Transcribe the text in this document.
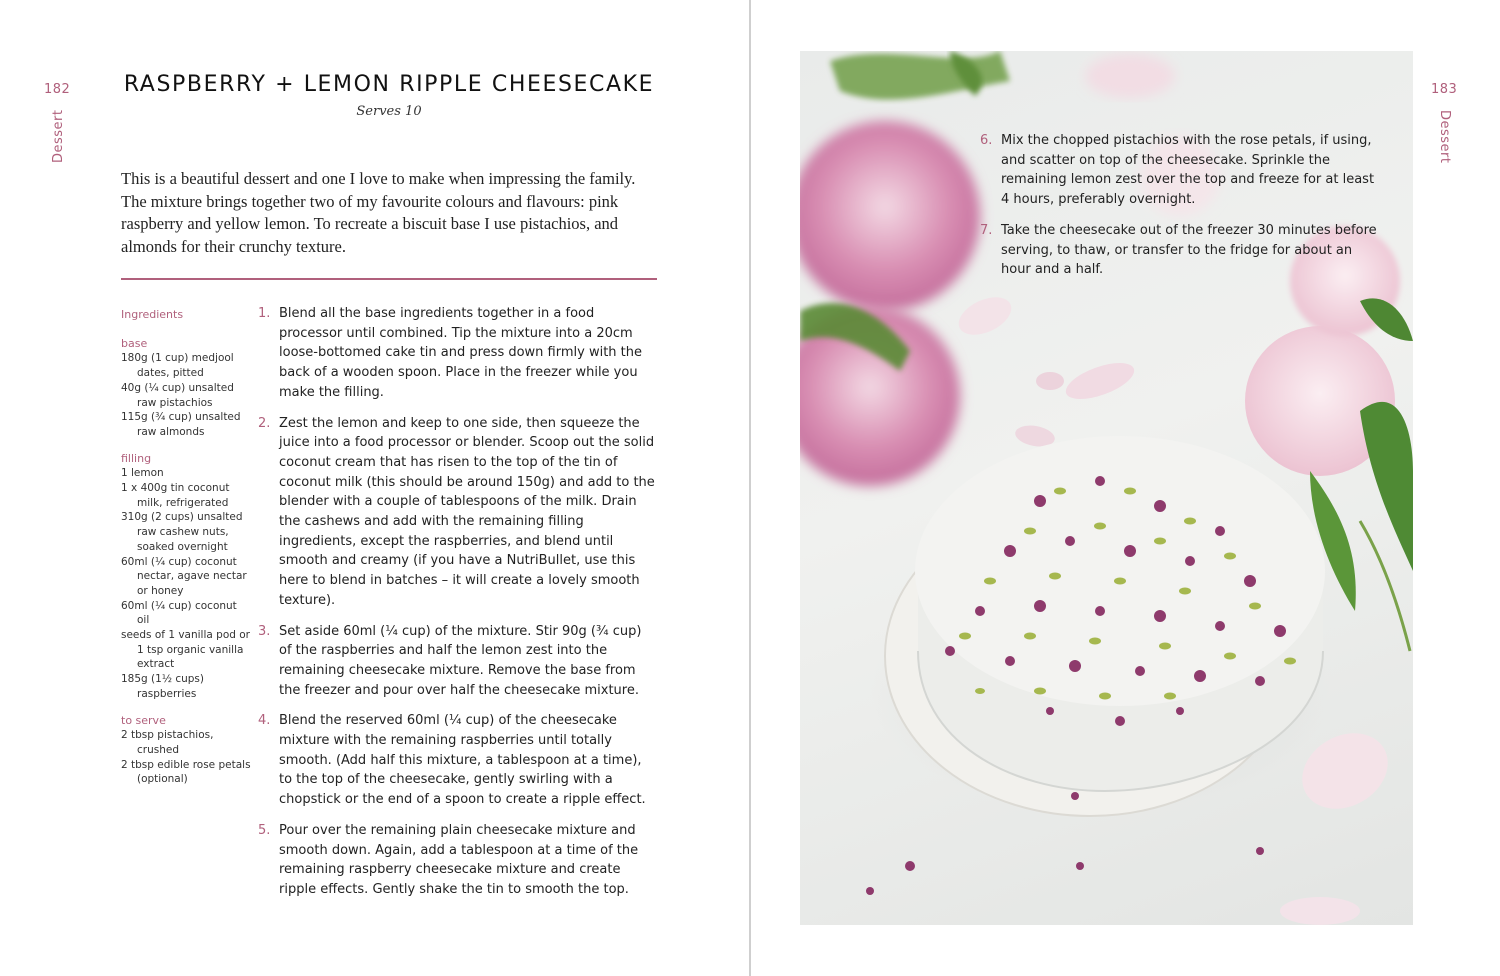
182
Dessert
RASPBERRY + LEMON RIPPLE CHEESECAKE
Serves 10

This is a beautiful dessert and one I love to make when impressing the family. The mixture brings together two of my favourite colours and flavours: pink raspberry and yellow lemon. To recreate a biscuit base I use pistachios, and almonds for their crunchy texture.

Ingredients
base
180g (1 cup) medjool dates, pitted
40g (¼ cup) unsalted raw pistachios
115g (¾ cup) unsalted raw almonds
filling
1 lemon
1 x 400g tin coconut milk, refrigerated
310g (2 cups) unsalted raw cashew nuts, soaked overnight
60ml (¼ cup) coconut nectar, agave nectar or honey
60ml (¼ cup) coconut oil
seeds of 1 vanilla pod or 1 tsp organic vanilla extract
185g (1½ cups) raspberries
to serve
2 tbsp pistachios, crushed
2 tbsp edible rose petals (optional)
1. Blend all the base ingredients together in a food processor until combined. Tip the mixture into a 20cm loose-bottomed cake tin and press down firmly with the back of a wooden spoon. Place in the freezer while you make the filling.
2. Zest the lemon and keep to one side, then squeeze the juice into a food processor or blender. Scoop out the solid coconut cream that has risen to the top of the tin of coconut milk (this should be around 150g) and add to the blender with a couple of tablespoons of the milk. Drain the cashews and add with the remaining filling ingredients, except the raspberries, and blend until smooth and creamy (if you have a NutriBullet, use this here to blend in batches – it will create a lovely smooth texture).
3. Set aside 60ml (¼ cup) of the mixture. Stir 90g (¾ cup) of the raspberries and half the lemon zest into the remaining cheesecake mixture. Remove the base from the freezer and pour over half the cheesecake mixture.
4. Blend the reserved 60ml (¼ cup) of the cheesecake mixture with the remaining raspberries until totally smooth. (Add half this mixture, a tablespoon at a time), to the top of the cheesecake, gently swirling with a chopstick or the end of a spoon to create a ripple effect.
5. Pour over the remaining plain cheesecake mixture and smooth down. Again, add a tablespoon at a time of the remaining raspberry cheesecake mixture and create ripple effects. Gently shake the tin to smooth the top.
6. Mix the chopped pistachios with the rose petals, if using, and scatter on top of the cheesecake. Sprinkle the remaining lemon zest over the top and freeze for at least 4 hours, preferably overnight.
7. Take the cheesecake out of the freezer 30 minutes before serving, to thaw, or transfer to the fridge for about an hour and a half.
183
Dessert
